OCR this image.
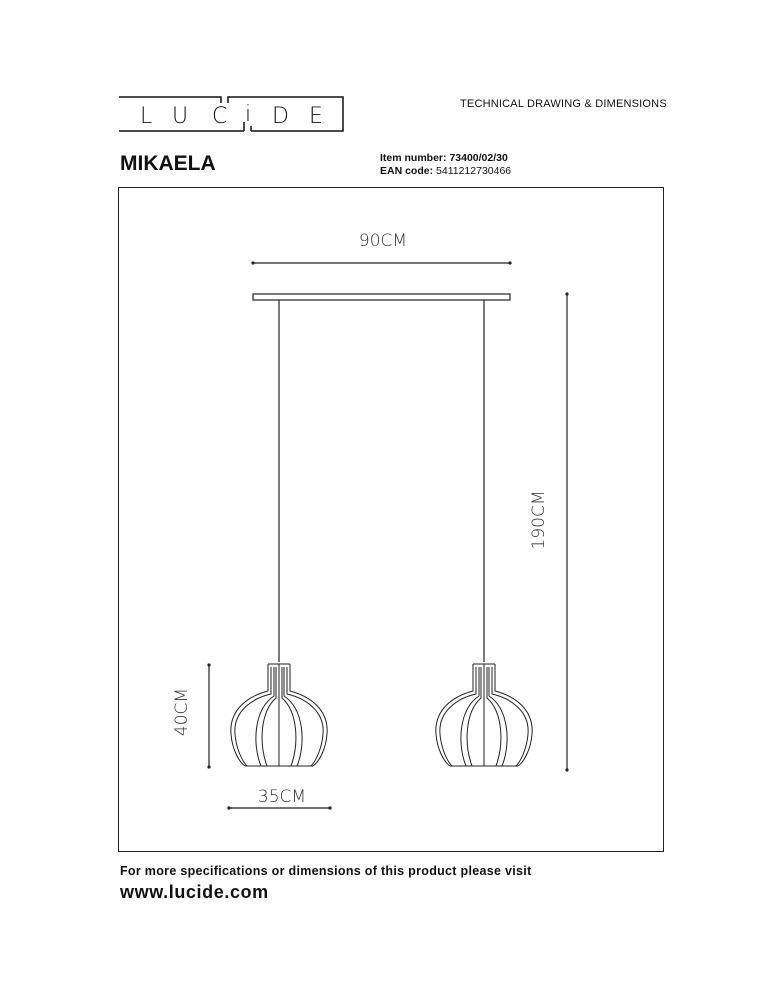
L U C i D E	TECHNICAL DRAWING & DIMENSIONS
MIKAELA	Item number: 73400/02/30
EAN code: 5411212730466
90CM
190CM
40CM
35CM
For more specifications or dimensions of this product please visit
www.lucide.com
